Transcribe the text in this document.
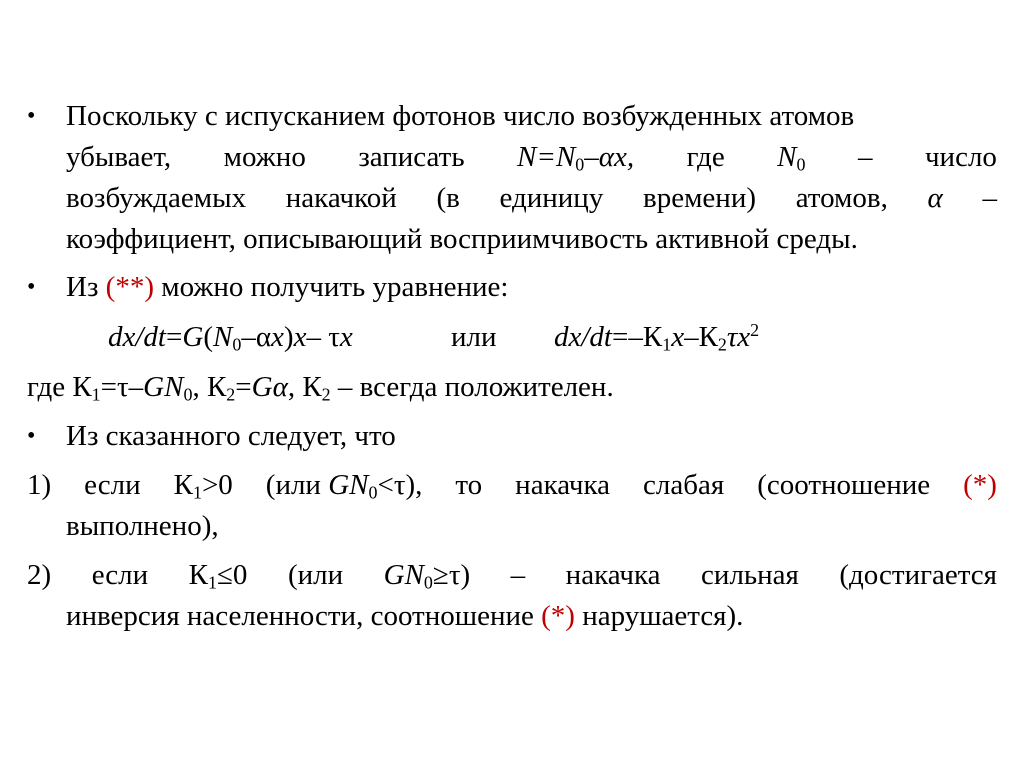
• Поскольку с испусканием фотонов число возбужденных атомов
убывает, можно записать $N=N_0-\alpha x$, где $N_0$ – число
возбуждаемых накачкой (в единицу времени) атомов, α –
коэффициент, описывающий восприимчивость активной среды.
• Из (**) можно получить уравнение:
$dx/dt=G(N_0-\alpha x)x-$ τx	или $dx/dt=-К_1x-К_2\tau x^2$
где $К_1=\tau-GN_0$, $К_2=G\alpha$, $К_2$ – всегда положителен.
• Из сказанного следует, что
1) если $К_1>0$ (или $GN_0<\tau$), то накачка слабая (соотношение (*)
выполнено),
2) если $К_1\le 0$ (или $GN_0\ge\tau$) – накачка сильная (достигается
инверсия населенности, соотношение (*) нарушается).
